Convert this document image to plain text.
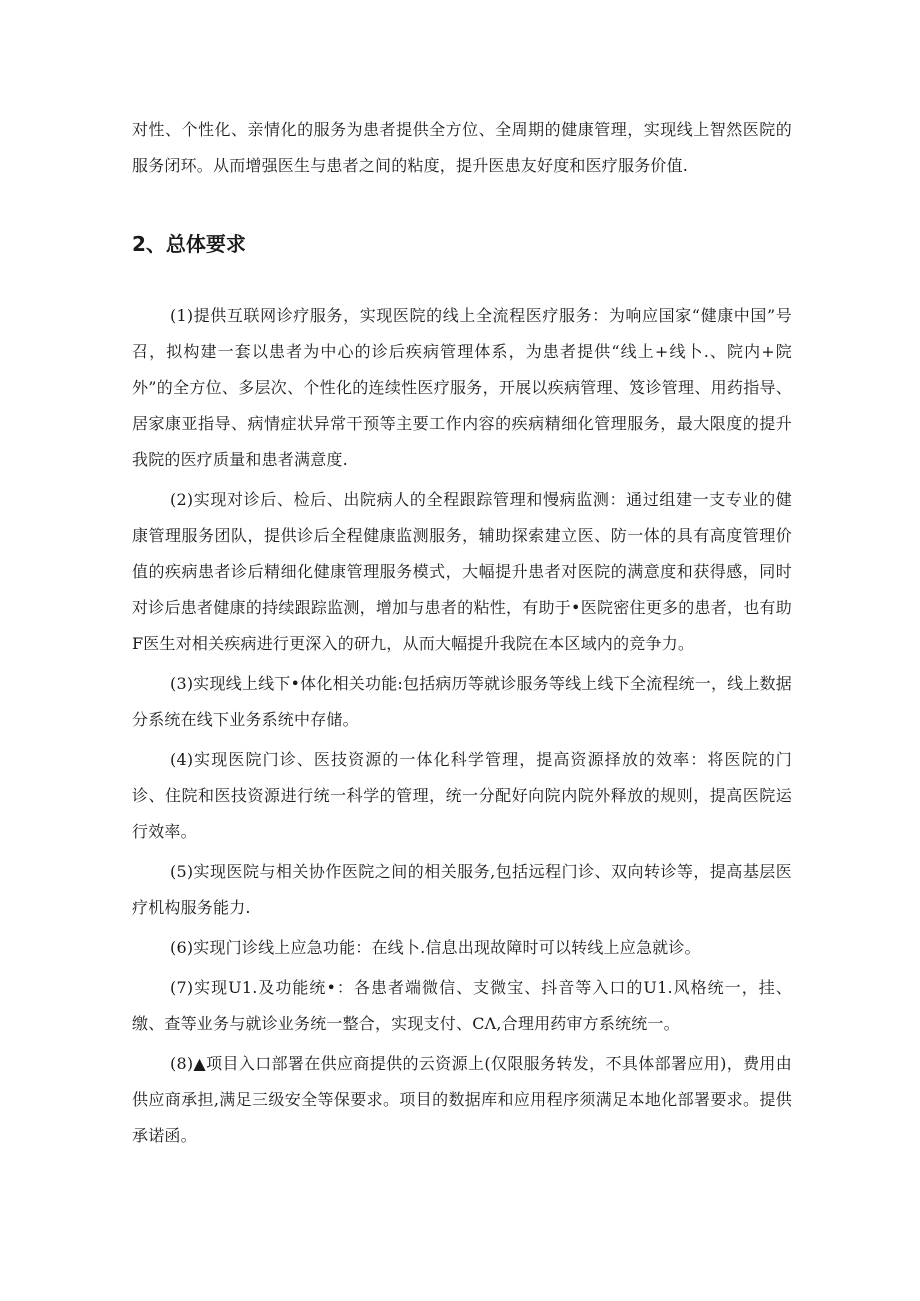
对性、个性化、亲情化的服务为患者提供全方位、全周期的健康管理，实现线上智然医院的服务闭环。从而增强医生与患者之间的粘度，提升医患友好度和医疗服务价值.

2、总体要求

(1)提供互联网诊疗服务，实现医院的线上全流程医疗服务：为响应国家“健康中国”号召，拟构建一套以患者为中心的诊后疾病管理体系，为患者提供“线上+线卜.、院内+院外”的全方位、多层次、个性化的连续性医疗服务，开展以疾病管理、笈诊管理、用药指导、居家康亚指导、病情症状异常干预等主要工作内容的疾病精细化管理服务，最大限度的提升我院的医疗质量和患者满意度.

(2)实现对诊后、检后、出院病人的全程跟踪管理和慢病监测：通过组建一支专业的健康管理服务团队，提供诊后全程健康监测服务，辅助探索建立医、防一体的具有高度管理价值的疾病患者诊后精细化健康管理服务模式，大幅提升患者对医院的满意度和获得感，同时对诊后患者健康的持续跟踪监测，增加与患者的粘性，有助于•医院密住更多的患者，也有助F医生对相关疾病进行更深入的研九，从而大幅提升我院在本区域内的竞争力。

(3)实现线上线下•体化相关功能:包括病历等就诊服务等线上线下全流程统一，线上数据分系统在线下业务系统中存储。

(4)实现医院门诊、医技资源的一体化科学管理，提高资源择放的效率：将医院的门诊、住院和医技资源进行统一科学的管理，统一分配好向院内院外释放的规则，提高医院运行效率。

(5)实现医院与相关协作医院之间的相关服务,包括远程门诊、双向转诊等，提高基层医疗机构服务能力.

(6)实现门诊线上应急功能：在线卜.信息出现故障时可以转线上应急就诊。

(7)实现U1.及功能统•：各患者端微信、支微宝、抖音等入口的U1.风格统一，挂、缴、查等业务与就诊业务统一整合，实现支付、CΛ,合理用药审方系统统一。

(8)▲项目入口部署在供应商提供的云资源上(仅限服务转发，不具体部署应用)，费用由供应商承担,满足三级安全等保要求。项目的数据库和应用程序须满足本地化部署要求。提供承诺函。
